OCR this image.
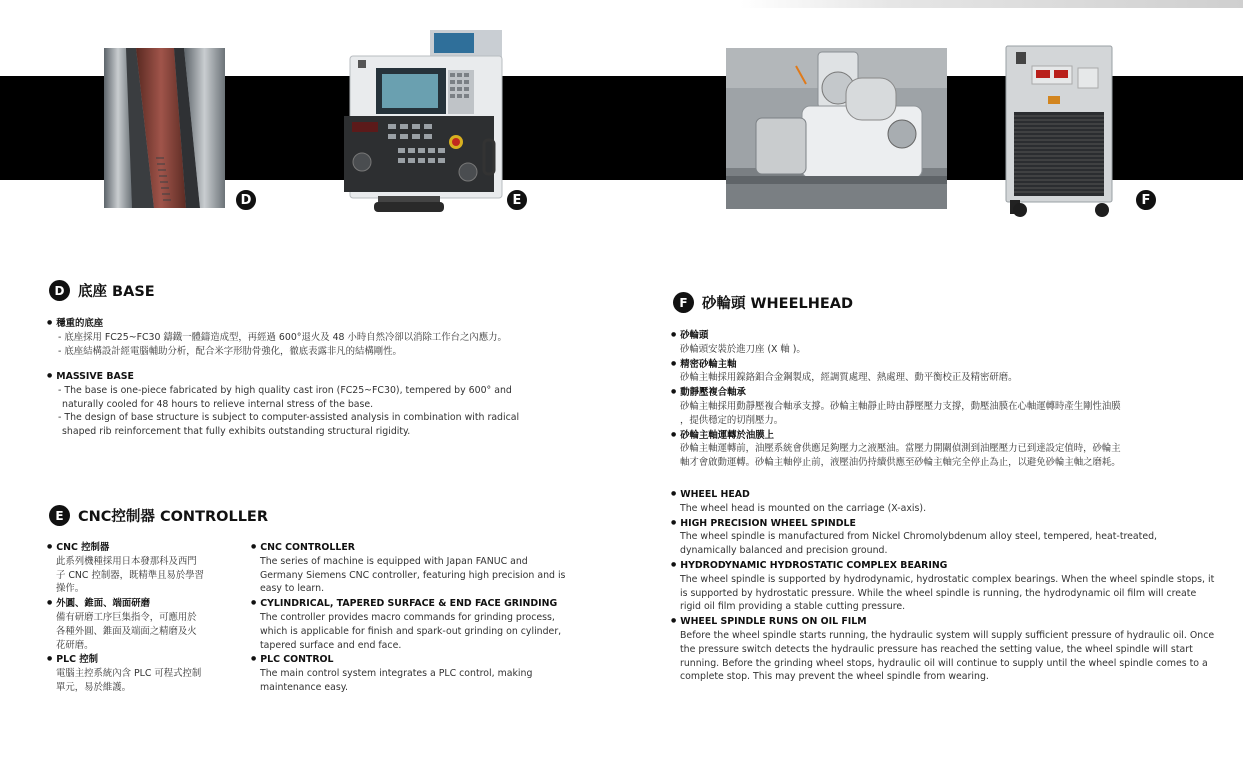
D	E	F
D 底座 BASE
● 穩重的底座
- 底座採用 FC25~FC30 鑄鐵一體鑄造成型，再經過 600°退火及 48 小時自然冷卻以消除工作台之內應力。
- 底座結構設計經電腦輔助分析，配合米字形肋骨強化，徹底表露非凡的結構剛性。
● MASSIVE BASE
- The base is one-piece fabricated by high quality cast iron (FC25~FC30), tempered by 600° and
naturally cooled for 48 hours to relieve internal stress of the base.
- The design of base structure is subject to computer-assisted analysis in combination with radical
shaped rib reinforcement that fully exhibits outstanding structural rigidity.
E CNC控制器 CONTROLLER
● CNC 控制器
此系列機種採用日本發那科及西門
子 CNC 控制器，既精準且易於學習
操作。
● 外圓、錐面、端面研磨
備有研磨工序巨集指令，可應用於
各種外圓、錐面及端面之精磨及火
花研磨。
● PLC 控制
電腦主控系統內含 PLC 可程式控制
單元，易於維護。
● CNC CONTROLLER
The series of machine is equipped with Japan FANUC and
Germany Siemens CNC controller, featuring high precision and is
easy to learn.
● CYLINDRICAL, TAPERED SURFACE & END FACE GRINDING
The controller provides macro commands for grinding process,
which is applicable for finish and spark-out grinding on cylinder,
tapered surface and end face.
● PLC CONTROL
The main control system integrates a PLC control, making
maintenance easy.
F 砂輪頭 WHEELHEAD
● 砂輪頭
砂輪頭安裝於進刀座 (X 軸 )。
● 精密砂輪主軸
砂輪主軸採用鎳鉻鉬合金鋼製成，經調質處理、熱處理、動平衡校正及精密研磨。
● 動靜壓複合軸承
砂輪主軸採用動靜壓複合軸承支撐。砂輪主軸靜止時由靜壓壓力支撐，動壓油膜在心軸運轉時產生剛性油膜
，提供穩定的切削壓力。
● 砂輪主軸運轉於油膜上
砂輪主軸運轉前，油壓系統會供應足夠壓力之液壓油。當壓力開關偵測到油壓壓力已到達設定值時，砂輪主
軸才會啟動運轉。砂輪主軸停止前，液壓油仍持續供應至砂輪主軸完全停止為止，以避免砂輪主軸之磨耗。
● WHEEL HEAD
The wheel head is mounted on the carriage (X-axis).
● HIGH PRECISION WHEEL SPINDLE
The wheel spindle is manufactured from Nickel Chromolybdenum alloy steel, tempered, heat-treated,
dynamically balanced and precision ground.
● HYDRODYNAMIC HYDROSTATIC COMPLEX BEARING
The wheel spindle is supported by hydrodynamic, hydrostatic complex bearings. When the wheel spindle stops, it
is supported by hydrostatic pressure. While the wheel spindle is running, the hydrodynamic oil film will create
rigid oil film providing a stable cutting pressure.
● WHEEL SPINDLE RUNS ON OIL FILM
Before the wheel spindle starts running, the hydraulic system will supply sufficient pressure of hydraulic oil. Once
the pressure switch detects the hydraulic pressure has reached the setting value, the wheel spindle will start
running. Before the grinding wheel stops, hydraulic oil will continue to supply until the wheel spindle comes to a
complete stop. This may prevent the wheel spindle from wearing.
